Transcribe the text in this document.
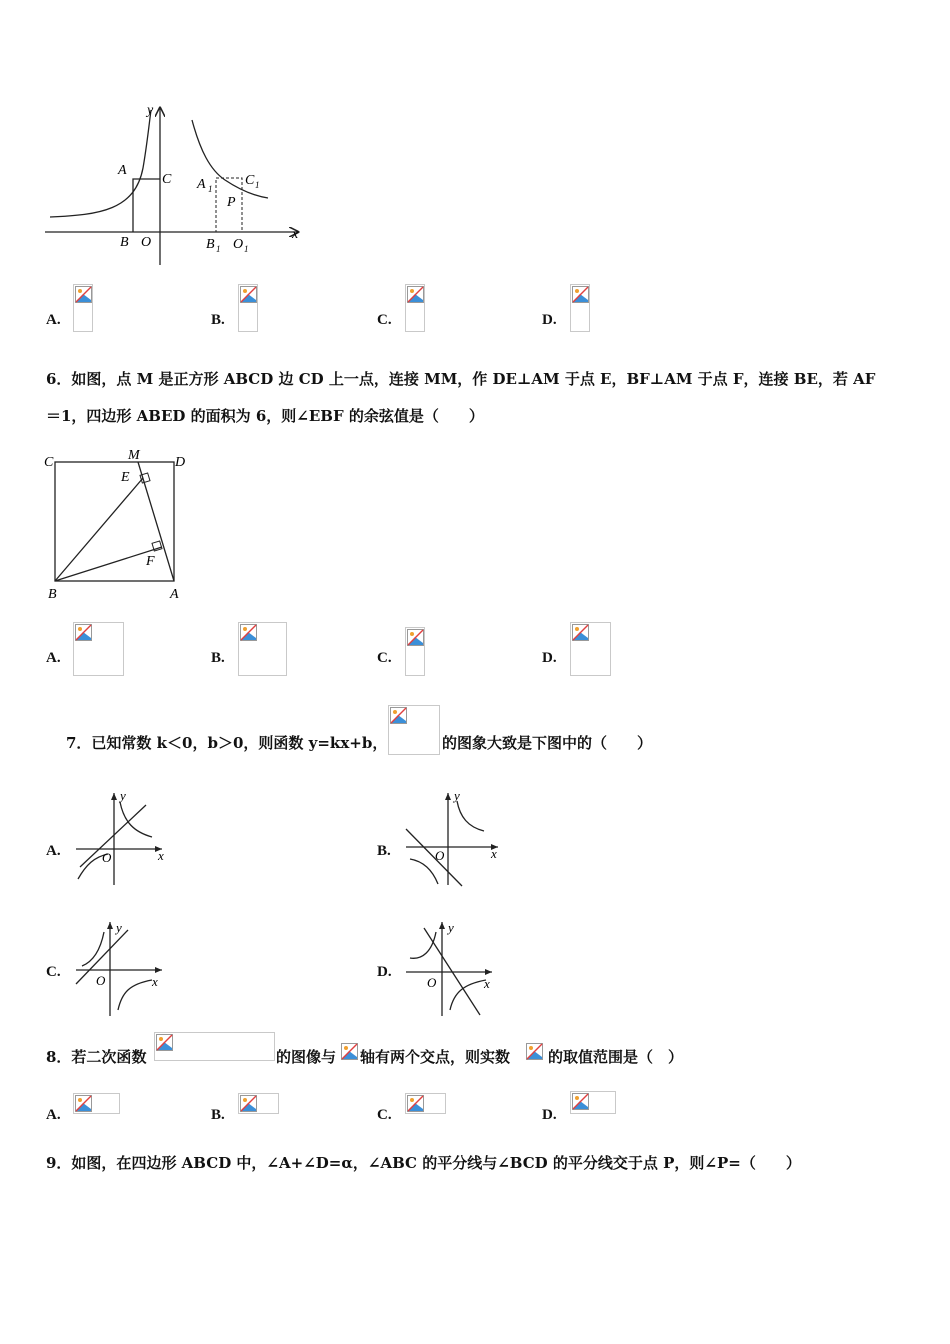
y
x
A
C
B O
A 1
C 1
P
B 1 O 1
A.	B.	C.	D.
6．如图，点 M 是正方形 ABCD 边 CD 上一点，连接 MM，作 DE⊥AM 于点 E，BF⊥AM 于点 F，连接 BE，若 AF
＝1，四边形 ABED 的面积为 6，则∠EBF 的余弦值是（　　）
C	M	D
E
F
B	A
A.	B.	C.	D.
7．已知常数 k＜0，b＞0，则函数 y=kx+b，	的图象大致是下图中的（　　）
A.	O	x
y
B.	O	x
y
C.
O	x
y
D.
O	x
y
8．若二次函数	的图像与 轴有两个交点，则实数	的取值范围是（　）
A.	B.	C.	D.
9．如图，在四边形 ABCD 中，∠A+∠D=α，∠ABC 的平分线与∠BCD 的平分线交于点 P，则∠P=（　　）
